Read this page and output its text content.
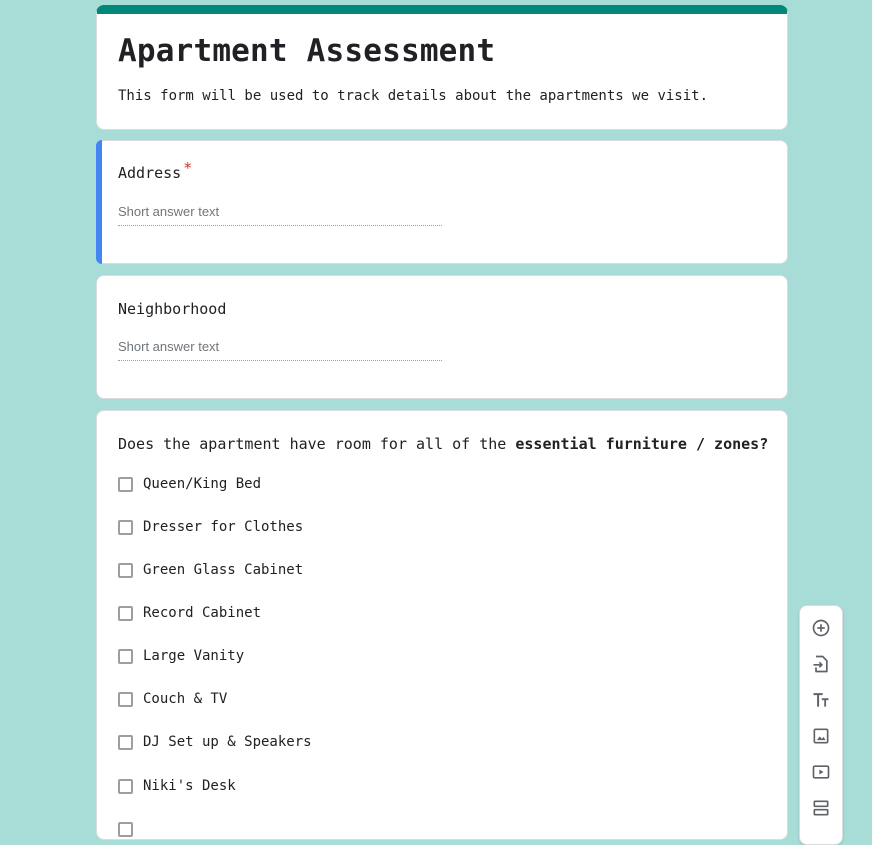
Apartment Assessment

This form will be used to track details about the apartments we visit.

Address *
Short answer text
Neighborhood
Short answer text
Does the apartment have room for all of the essential furniture / zones?
Queen/King Bed
Dresser for Clothes
Green Glass Cabinet
Record Cabinet
Large Vanity
Couch & TV
DJ Set up & Speakers
Niki's Desk
